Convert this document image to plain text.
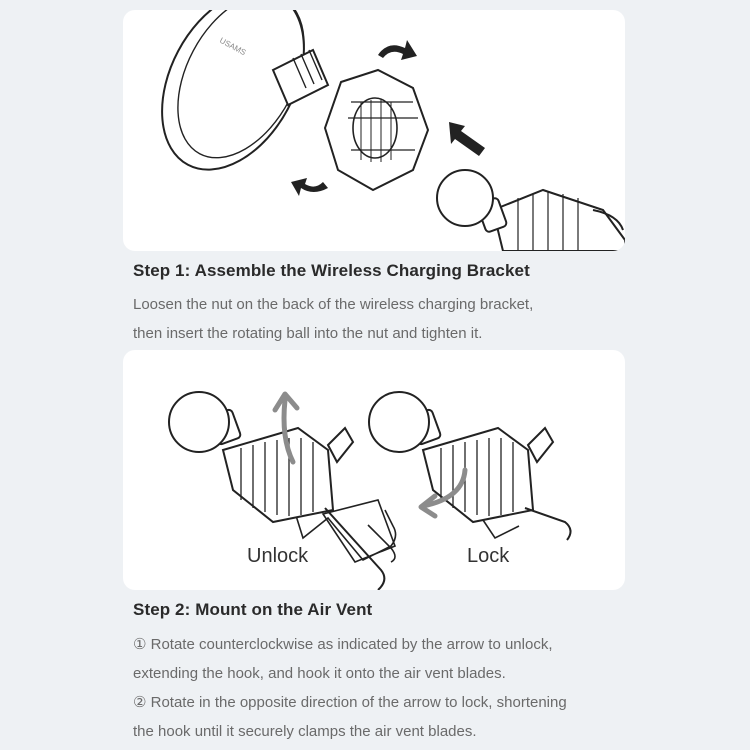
USAMS
Step 1: Assemble the Wireless Charging Bracket

Loosen the nut on the back of the wireless charging bracket,

then insert the rotating ball into the nut and tighten it.

Unlock	Lock
Step 2: Mount on the Air Vent

① Rotate counterclockwise as indicated by the arrow to unlock,

extending the hook, and hook it onto the air vent blades.

② Rotate in the opposite direction of the arrow to lock, shortening

the hook until it securely clamps the air vent blades.
